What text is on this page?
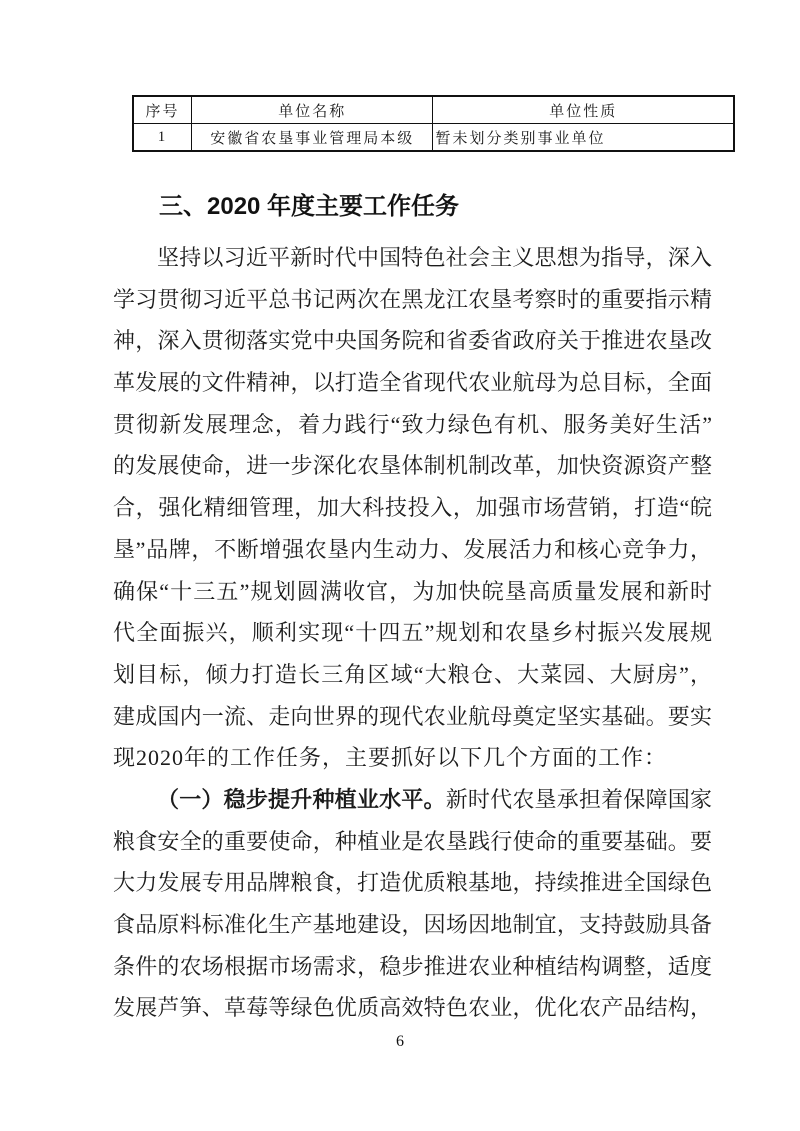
序号	单位名称	单位性质
1	安徽省农垦事业管理局本级	暂未划分类别事业单位
三、2020 年度主要工作任务
坚持以习近平新时代中国特色社会主义思想为指导，深入
学习贯彻习近平总书记两次在黑龙江农垦考察时的重要指示精
神，深入贯彻落实党中央国务院和省委省政府关于推进农垦改
革发展的文件精神，以打造全省现代农业航母为总目标，全面
贯彻新发展理念，着力践行“致力绿色有机、服务美好生活”
的发展使命，进一步深化农垦体制机制改革，加快资源资产整
合，强化精细管理，加大科技投入，加强市场营销，打造“皖
垦”品牌，不断增强农垦内生动力、发展活力和核心竞争力，
确保“十三五”规划圆满收官，为加快皖垦高质量发展和新时
代全面振兴，顺利实现“十四五”规划和农垦乡村振兴发展规
划目标，倾力打造长三角区域“大粮仓、大菜园、大厨房”，
建成国内一流、走向世界的现代农业航母奠定坚实基础。要实
现2020年的工作任务，主要抓好以下几个方面的工作：
（一）稳步提升种植业水平。新时代农垦承担着保障国家
粮食安全的重要使命，种植业是农垦践行使命的重要基础。要
大力发展专用品牌粮食，打造优质粮基地，持续推进全国绿色
食品原料标准化生产基地建设，因场因地制宜，支持鼓励具备
条件的农场根据市场需求，稳步推进农业种植结构调整，适度
发展芦笋、草莓等绿色优质高效特色农业，优化农产品结构，
6
